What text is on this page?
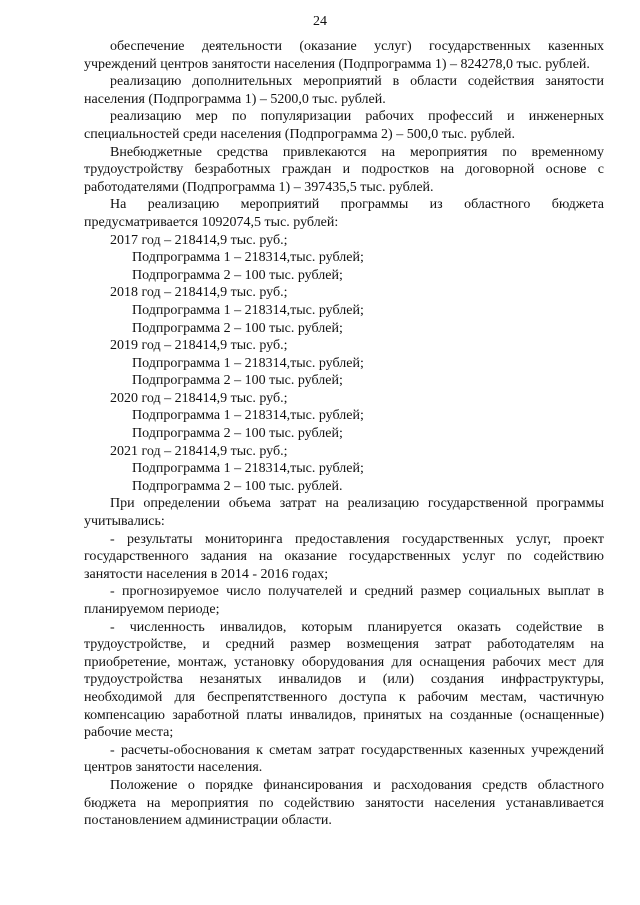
24

обеспечение деятельности (оказание услуг) государственных казенных учреждений центров занятости населения (Подпрограмма 1) – 824278,0 тыс. рублей.

реализацию дополнительных мероприятий в области содействия занятости населения (Подпрограмма 1) – 5200,0 тыс. рублей.

реализацию мер по популяризации рабочих профессий и инженерных специальностей среди населения (Подпрограмма 2) – 500,0 тыс. рублей.

Внебюджетные средства привлекаются на мероприятия по временному трудоустройству безработных граждан и подростков на договорной основе с работодателями (Подпрограмма 1) – 397435,5 тыс. рублей.

На реализацию мероприятий программы из областного бюджета предусматривается 1092074,5 тыс. рублей:

2017 год – 218414,9 тыс. руб.;

Подпрограмма 1 – 218314,тыс. рублей;

Подпрограмма 2 – 100 тыс. рублей;

2018 год – 218414,9 тыс. руб.;

Подпрограмма 1 – 218314,тыс. рублей;

Подпрограмма 2 – 100 тыс. рублей;

2019 год – 218414,9 тыс. руб.;

Подпрограмма 1 – 218314,тыс. рублей;

Подпрограмма 2 – 100 тыс. рублей;

2020 год – 218414,9 тыс. руб.;

Подпрограмма 1 – 218314,тыс. рублей;

Подпрограмма 2 – 100 тыс. рублей;

2021 год – 218414,9 тыс. руб.;

Подпрограмма 1 – 218314,тыс. рублей;

Подпрограмма 2 – 100 тыс. рублей.

При определении объема затрат на реализацию государственной программы учитывались:

- результаты мониторинга предоставления государственных услуг, проект государственного задания на оказание государственных услуг по содействию занятости населения в 2014 - 2016 годах;

- прогнозируемое число получателей и средний размер социальных выплат в планируемом периоде;

- численность инвалидов, которым планируется оказать содействие в трудоустройстве, и средний размер возмещения затрат работодателям на приобретение, монтаж, установку оборудования для оснащения рабочих мест для трудоустройства незанятых инвалидов и (или) создания инфраструктуры, необходимой для беспрепятственного доступа к рабочим местам, частичную компенсацию заработной платы инвалидов, принятых на созданные (оснащенные) рабочие места;

- расчеты-обоснования к сметам затрат государственных казенных учреждений центров занятости населения.

Положение о порядке финансирования и расходования средств областного бюджета на мероприятия по содействию занятости населения устанавливается постановлением администрации области.
